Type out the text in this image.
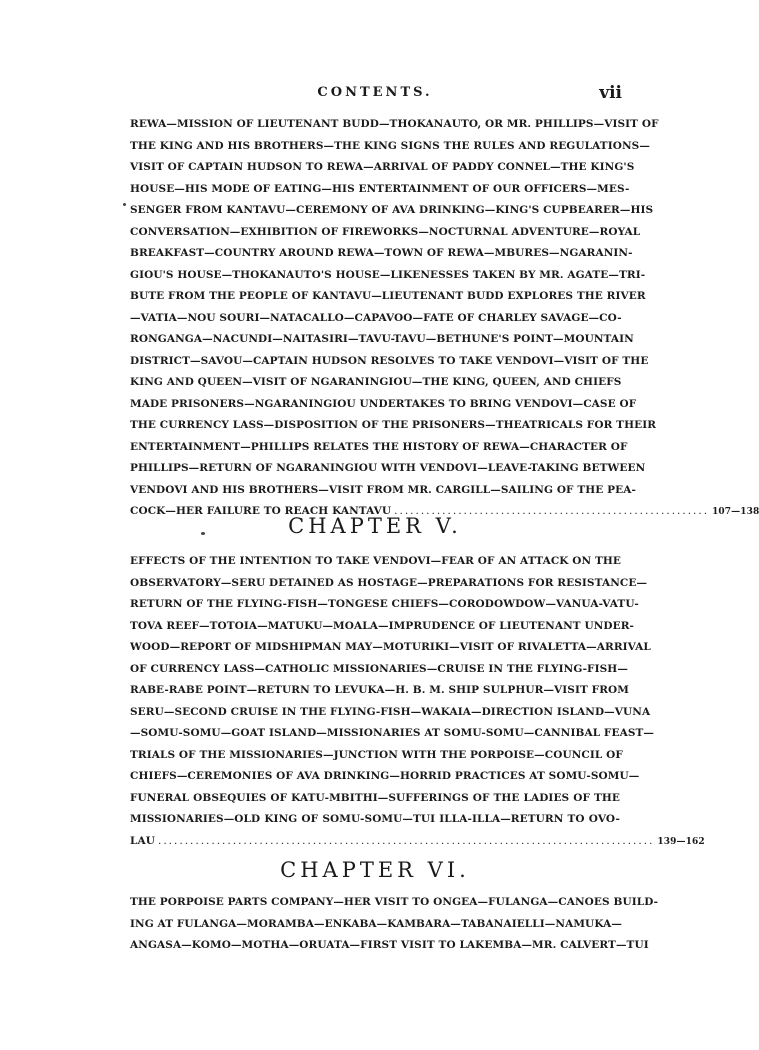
CONTENTS.	vii
REWA—MISSION OF LIEUTENANT BUDD—THOKANAUTO, OR MR. PHILLIPS—VISIT OF
THE KING AND HIS BROTHERS—THE KING SIGNS THE RULES AND REGULATIONS—
VISIT OF CAPTAIN HUDSON TO REWA—ARRIVAL OF PADDY CONNEL—THE KING'S
HOUSE—HIS MODE OF EATING—HIS ENTERTAINMENT OF OUR OFFICERS—MES-
SENGER FROM KANTAVU—CEREMONY OF AVA DRINKING—KING'S CUPBEARER—HIS
CONVERSATION—EXHIBITION OF FIREWORKS—NOCTURNAL ADVENTURE—ROYAL
BREAKFAST—COUNTRY AROUND REWA—TOWN OF REWA—MBURES—NGARANIN-
GIOU'S HOUSE—THOKANAUTO'S HOUSE—LIKENESSES TAKEN BY MR. AGATE—TRI-
BUTE FROM THE PEOPLE OF KANTAVU—LIEUTENANT BUDD EXPLORES THE RIVER
—VATIA—NOU SOURI—NATACALLO—CAPAVOO—FATE OF CHARLEY SAVAGE—CO-
RONGANGA—NACUNDI—NAITASIRI—TAVU-TAVU—BETHUNE'S POINT—MOUNTAIN
DISTRICT—SAVOU—CAPTAIN HUDSON RESOLVES TO TAKE VENDOVI—VISIT OF THE
KING AND QUEEN—VISIT OF NGARANINGIOU—THE KING, QUEEN, AND CHIEFS
MADE PRISONERS—NGARANINGIOU UNDERTAKES TO BRING VENDOVI—CASE OF
THE CURRENCY LASS—DISPOSITION OF THE PRISONERS—THEATRICALS FOR THEIR
ENTERTAINMENT—PHILLIPS RELATES THE HISTORY OF REWA—CHARACTER OF
PHILLIPS—RETURN OF NGARANINGIOU WITH VENDOVI—LEAVE-TAKING BETWEEN
VENDOVI AND HIS BROTHERS—VISIT FROM MR. CARGILL—SAILING OF THE PEA-
COCK—HER FAILURE TO REACH KANTAVU ........................................................... 107—138
CHAPTER V.
EFFECTS OF THE INTENTION TO TAKE VENDOVI—FEAR OF AN ATTACK ON THE
OBSERVATORY—SERU DETAINED AS HOSTAGE—PREPARATIONS FOR RESISTANCE—
RETURN OF THE FLYING-FISH—TONGESE CHIEFS—CORODOWDOW—VANUA-VATU-
TOVA REEF—TOTOIA—MATUKU—MOALA—IMPRUDENCE OF LIEUTENANT UNDER-
WOOD—REPORT OF MIDSHIPMAN MAY—MOTURIKI—VISIT OF RIVALETTA—ARRIVAL
OF CURRENCY LASS—CATHOLIC MISSIONARIES—CRUISE IN THE FLYING-FISH—
RABE-RABE POINT—RETURN TO LEVUKA—H. B. M. SHIP SULPHUR—VISIT FROM
SERU—SECOND CRUISE IN THE FLYING-FISH—WAKAIA—DIRECTION ISLAND—VUNA
—SOMU-SOMU—GOAT ISLAND—MISSIONARIES AT SOMU-SOMU—CANNIBAL FEAST—
TRIALS OF THE MISSIONARIES—JUNCTION WITH THE PORPOISE—COUNCIL OF
CHIEFS—CEREMONIES OF AVA DRINKING—HORRID PRACTICES AT SOMU-SOMU—
FUNERAL OBSEQUIES OF KATU-MBITHI—SUFFERINGS OF THE LADIES OF THE
MISSIONARIES—OLD KING OF SOMU-SOMU—TUI ILLA-ILLA—RETURN TO OVO-
LAU ............................................................................................. 139—162
CHAPTER VI.
THE PORPOISE PARTS COMPANY—HER VISIT TO ONGEA—FULANGA—CANOES BUILD-
ING AT FULANGA—MORAMBA—ENKABA—KAMBARA—TABANAIELLI—NAMUKA—
ANGASA—KOMO—MOTHA—ORUATA—FIRST VISIT TO LAKEMBA—MR. CALVERT—TUI
